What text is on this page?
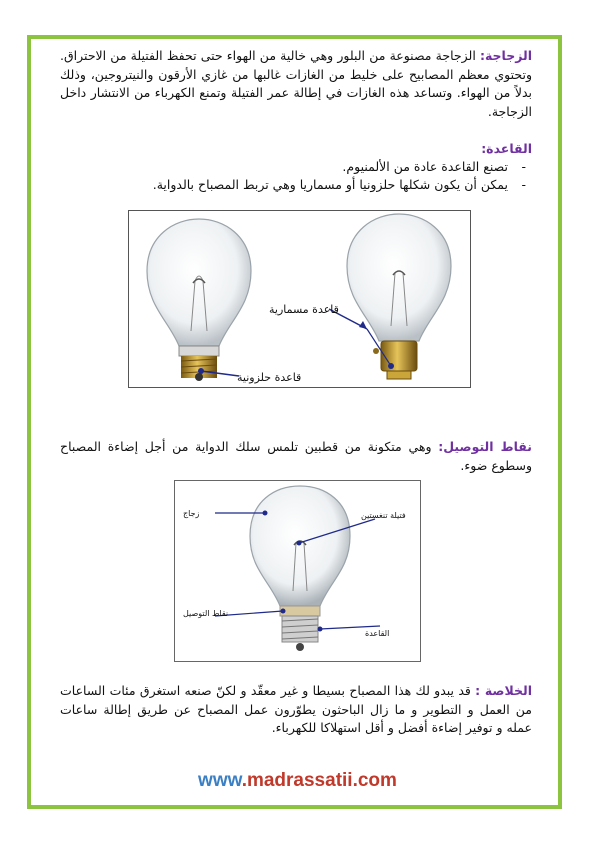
الزجاجة: الزجاجة مصنوعة من البلور وهي خالية من الهواء حتى تحفظ الفتيلة من الاحتراق. وتحتوي معظم المصابيح على خليط من الغازات غالبها من غازي الأرقون والنيتروجين، وذلك بدلاً من الهواء. وتساعد هذه الغازات في إطالة عمر الفتيلة وتمنع الكهرباء من الانتشار داخل الزجاجة.
القاعدة:
- تصنع القاعدة عادة من الألمنيوم.
- يمكن أن يكون شكلها حلزونيا أو مسماريا وهي تربط المصباح بالدواية.
قاعدة مسمارية
قاعدة حلزونية
نقاط التوصيل: وهي متكونة من قطبين تلمس سلك الدواية من أجل إضاءة المصباح وسطوع ضوء.
زجاج	فتيلة تنغستين
نقاط التوصيل
القاعدة
الخلاصة : قد يبدو لك هذا المصباح بسيطا و غير معقّد و لكنّ صنعه استغرق مئات الساعات من العمل و التطوير و ما زال الباحثون يطوّرون عمل المصباح عن طريق إطالة ساعات عمله و توفير إضاءة أفضل و أقل استهلاكا للكهرباء.
www.madrassatii.com
